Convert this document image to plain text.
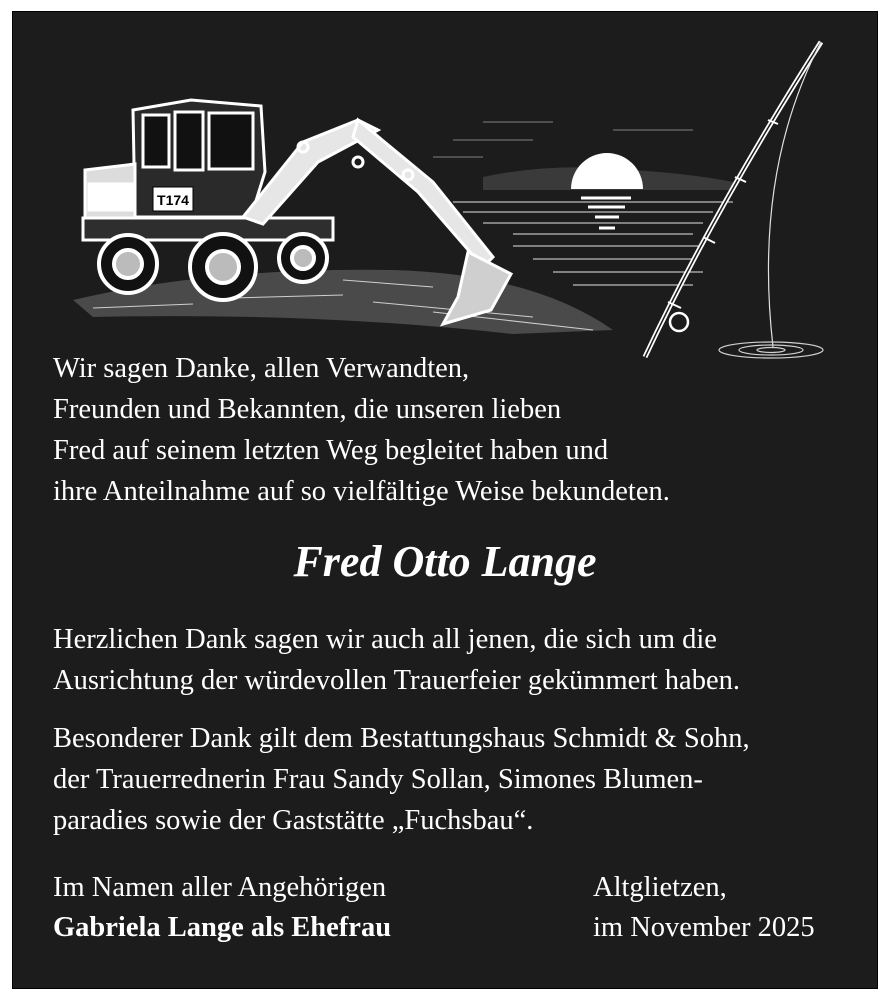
T174

Wir sagen Danke, allen Verwandten,
Freunden und Bekannten, die unseren lieben
Fred auf seinem letzten Weg begleitet haben und
ihre Anteilnahme auf so vielfältige Weise bekundeten.

Fred Otto Lange

Herzlichen Dank sagen wir auch all jenen, die sich um die
Ausrichtung der würdevollen Trauerfeier gekümmert haben.

Besonderer Dank gilt dem Bestattungshaus Schmidt & Sohn,
der Trauerrednerin Frau Sandy Sollan, Simones Blumen-
paradies sowie der Gaststätte „Fuchsbau“.

Im Namen aller Angehörigen
Gabriela Lange als Ehefrau
Altglietzen,
im November 2025
